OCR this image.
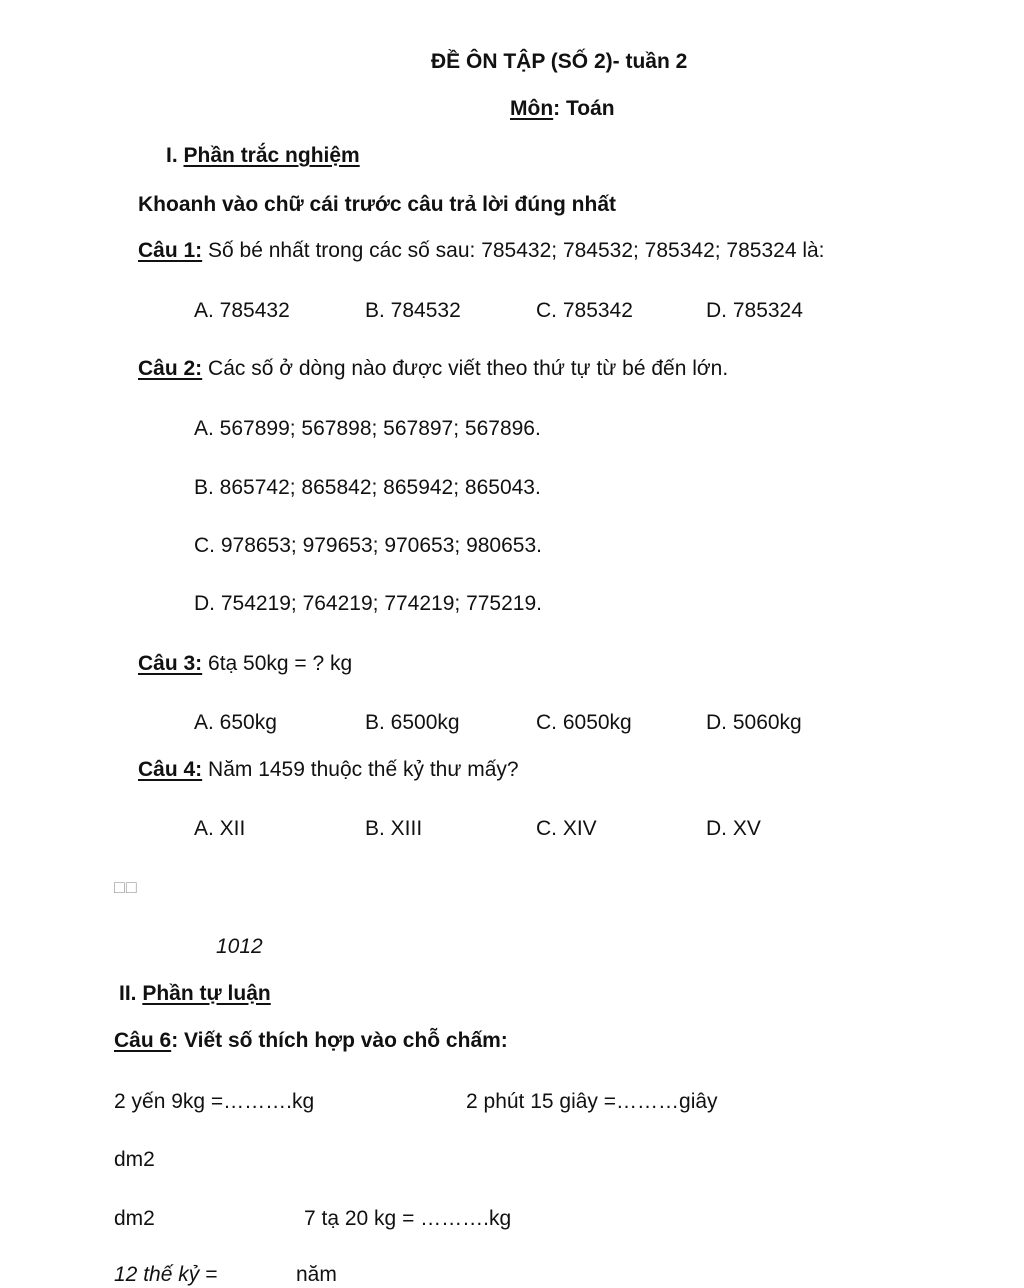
ĐỀ ÔN TẬP (SỐ 2)- tuần 2
Môn: Toán
I. Phần trắc nghiệm
Khoanh vào chữ cái trước câu trả lời đúng nhất
Câu 1: Số bé nhất trong các số sau: 785432; 784532; 785342; 785324 là:
A. 785432	B. 784532	C. 785342	D. 785324
Câu 2: Các số ở dòng nào được viết theo thứ tự từ bé đến lớn.
A. 567899; 567898; 567897; 567896.
B. 865742; 865842; 865942; 865043.
C. 978653; 979653; 970653; 980653.
D. 754219; 764219; 774219; 775219.
Câu 3: 6tạ 50kg = ? kg
A. 650kg	B. 6500kg	C. 6050kg	D. 5060kg
Câu 4: Năm 1459 thuộc thế kỷ thư mấy?
A. XII	B. XIII	C. XIV	D. XV
□□
1012
II. Phần tự luận
Câu 6: Viết số thích hợp vào chỗ chấm:
2 yến 9kg =……….kg	2 phút 15 giây =………giây
dm2
dm2	7 tạ 20 kg = ……….kg
12 thế kỷ =	năm
